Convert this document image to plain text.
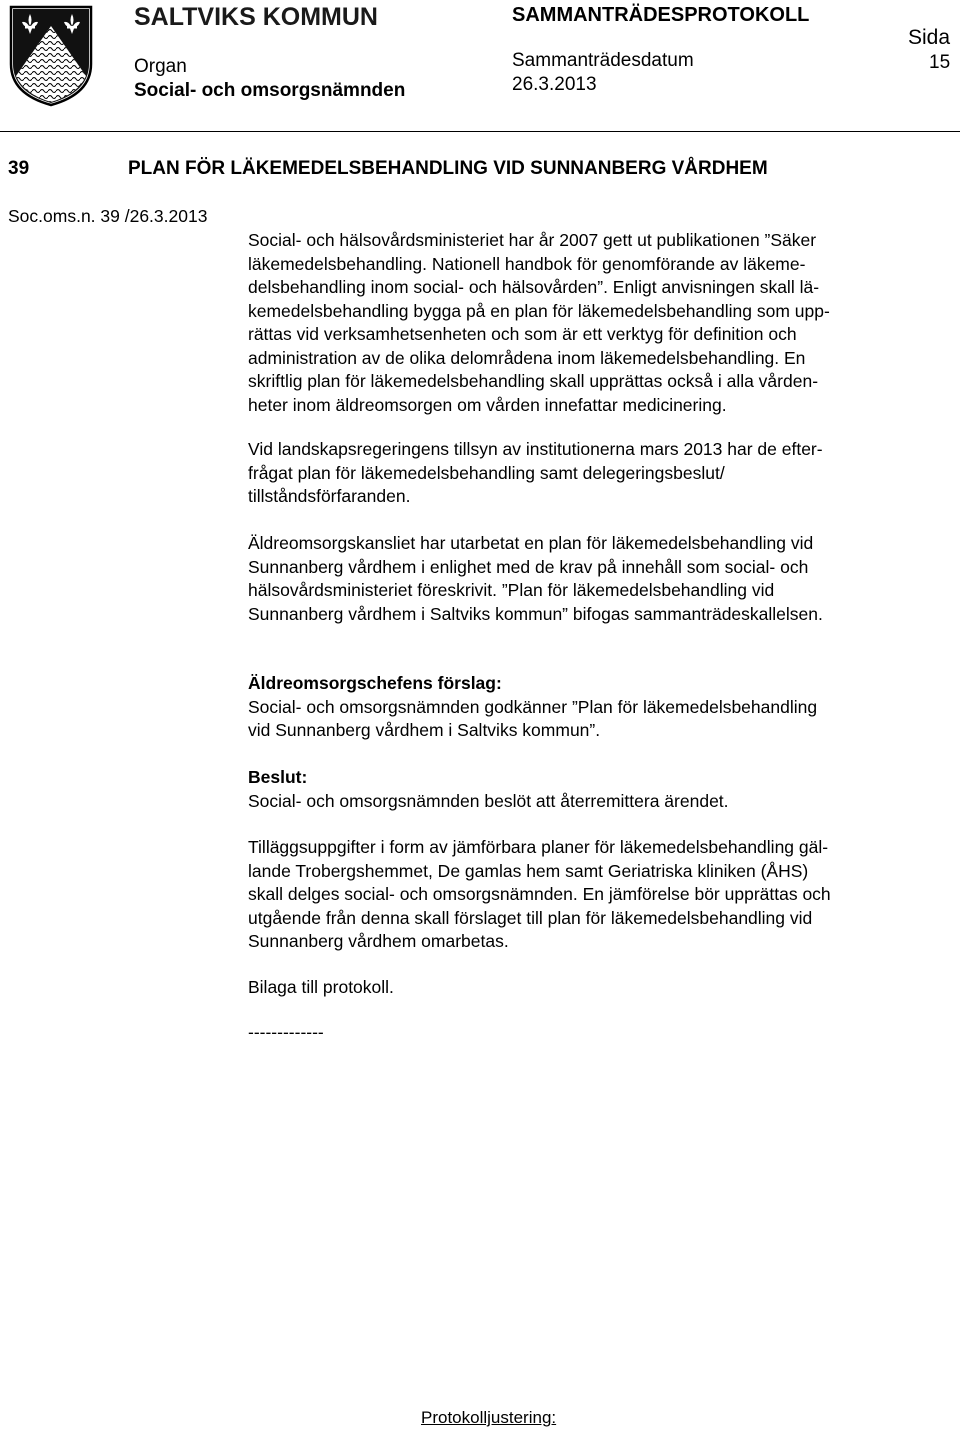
SALTVIKS KOMMUN
Organ
Social- och omsorgsnämnden
SAMMANTRÄDESPROTOKOLL
Sammanträdesdatum
26.3.2013
Sida
15
39	PLAN FÖR LÄKEMEDELSBEHANDLING VID SUNNANBERG VÅRDHEM
Soc.oms.n. 39 /26.3.2013

Social- och hälsovårdsministeriet har år 2007 gett ut publikationen ”Säker

läkemedelsbehandling. Nationell handbok för genomförande av läkeme-

delsbehandling inom social- och hälsovården”. Enligt anvisningen skall lä-

kemedelsbehandling bygga på en plan för läkemedelsbehandling som upp-

rättas vid verksamhetsenheten och som är ett verktyg för definition och

administration av de olika delområdena inom läkemedelsbehandling. En

skriftlig plan för läkemedelsbehandling skall upprättas också i alla vården-

heter inom äldreomsorgen om vården innefattar medicinering.

Vid landskapsregeringens tillsyn av institutionerna mars 2013 har de efter-

frågat plan för läkemedelsbehandling samt delegeringsbeslut/

tillståndsförfaranden.

Äldreomsorgskansliet har utarbetat en plan för läkemedelsbehandling vid

Sunnanberg vårdhem i enlighet med de krav på innehåll som social- och

hälsovårdsministeriet föreskrivit. ”Plan för läkemedelsbehandling vid

Sunnanberg vårdhem i Saltviks kommun” bifogas sammanträdeskallelsen.

Äldreomsorgschefens förslag:

Social- och omsorgsnämnden godkänner ”Plan för läkemedelsbehandling

vid Sunnanberg vårdhem i Saltviks kommun”.

Beslut:

Social- och omsorgsnämnden beslöt att återremittera ärendet.

Tilläggsuppgifter i form av jämförbara planer för läkemedelsbehandling gäl-

lande Trobergshemmet, De gamlas hem samt Geriatriska kliniken (ÅHS)

skall delges social- och omsorgsnämnden. En jämförelse bör upprättas och

utgående från denna skall förslaget till plan för läkemedelsbehandling vid

Sunnanberg vårdhem omarbetas.

Bilaga till protokoll.

-------------
Protokolljustering:
